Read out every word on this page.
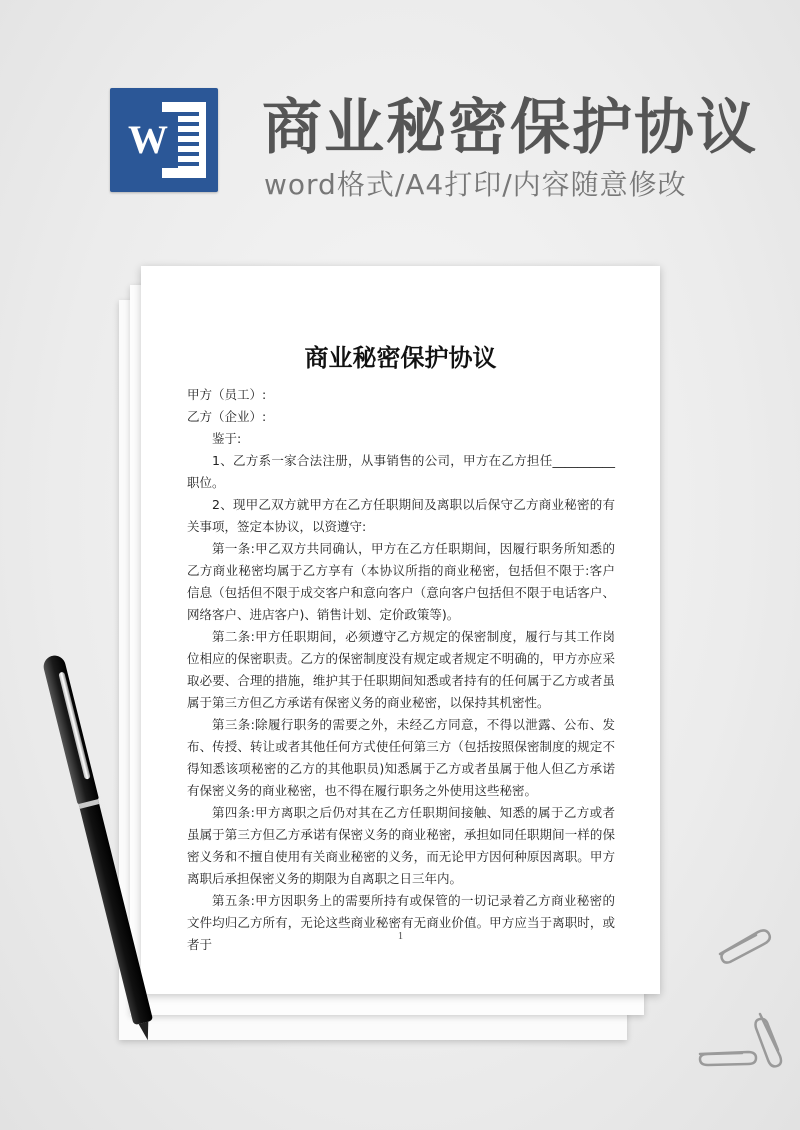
W 商业秘密保护协议
word格式/A4打印/内容随意修改
商业秘密保护协议

甲方（员工）:

乙方（企业）:

鉴于:

1、乙方系一家合法注册，从事销售的公司，甲方在乙方担任__________职位。

2、现甲乙双方就甲方在乙方任职期间及离职以后保守乙方商业秘密的有关事项，签定本协议，以资遵守:

第一条:甲乙双方共同确认，甲方在乙方任职期间，因履行职务所知悉的乙方商业秘密均属于乙方享有（本协议所指的商业秘密，包括但不限于:客户信息（包括但不限于成交客户和意向客户（意向客户包括但不限于电话客户、网络客户、进店客户)、销售计划、定价政策等)。

第二条:甲方任职期间，必须遵守乙方规定的保密制度，履行与其工作岗位相应的保密职责。乙方的保密制度没有规定或者规定不明确的，甲方亦应采取必要、合理的措施，维护其于任职期间知悉或者持有的任何属于乙方或者虽属于第三方但乙方承诺有保密义务的商业秘密，以保持其机密性。

第三条:除履行职务的需要之外，未经乙方同意，不得以泄露、公布、发布、传授、转让或者其他任何方式使任何第三方（包括按照保密制度的规定不得知悉该项秘密的乙方的其他职员)知悉属于乙方或者虽属于他人但乙方承诺有保密义务的商业秘密，也不得在履行职务之外使用这些秘密。

第四条:甲方离职之后仍对其在乙方任职期间接触、知悉的属于乙方或者虽属于第三方但乙方承诺有保密义务的商业秘密，承担如同任职期间一样的保密义务和不擅自使用有关商业秘密的义务，而无论甲方因何种原因离职。甲方离职后承担保密义务的期限为自离职之日三年内。

第五条:甲方因职务上的需要所持有或保管的一切记录着乙方商业秘密的文件均归乙方所有，无论这些商业秘密有无商业价值。甲方应当于离职时，或者于

1
